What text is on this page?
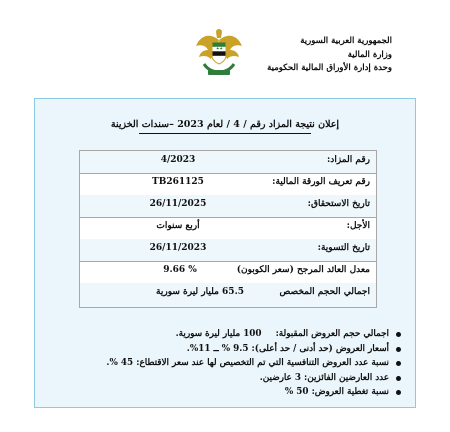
الجمهورية العربية السورية
وزارة المالية
وحدة إدارة الأوراق المالية الحكومية
إعلان نتيجة المزاد رقم / 4 / لعام 2023 –سندات الخزينة
رقم المزاد:
4/2023
رقم تعريف الورقة المالية:
TB261125
تاريخ الاستحقاق:
26/11/2025
الأجل:
أربع سنوات
تاريخ التسوية:
26/11/2023
معدل العائد المرجح (سعر الكوبون)
9.66 %
اجمالي الحجم المخصص
65.5 مليار ليرة سورية
اجمالي حجم العروض المقبولة:100 مليار ليرة سورية.
أسعار العروض (حد أدنى / حد أعلى): 9.5 % ــ 11%.
نسبة عدد العروض التنافسية التي تم التخصيص لها عند سعر الاقتطاع: 45 %.
عدد العارضين الفائزين: 3 عارضين.
نسبة تغطية العروض: 50 %
